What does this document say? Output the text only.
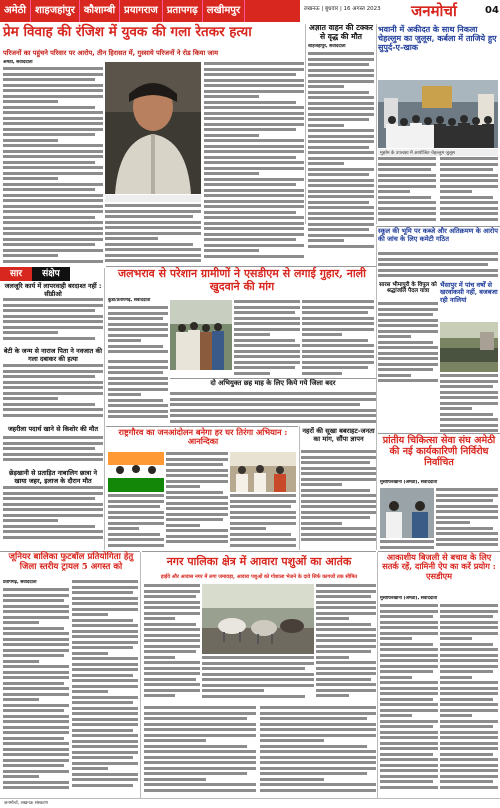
अमेठी शाहजहांपुर कौशाम्बी प्रयागराज प्रतापगढ़ लखीमपुर	लखनऊ | बुधवार | 16 अगस्त 2023 जनमोर्चा	04
प्रेम विवाह की रंजिश में युवक की गला रेतकर हत्या
परिजनों का पहुंचने परिवार पर आरोप, तीन हिरासत में, गुस्साये परिजनों ने रोड किया जाम
अमेठी, संवाददाता
अज्ञात वाहन की टक्कर से वृद्ध की मौत
शाहजहांपुर, संवाददाता
भवानी में अकीदत के साथ निकला चेहल्लुम का जुलूस, कर्बला में ताजिये हुए सुपुर्द-ए-खाक
मुहर्रम के उपलक्ष्य में आयोजित चेहल्लुम जुलूस
स्कूल की भूमि पर कब्जे और अतिक्रमण के आरोप की जांच के लिए कमेटी गठित
सार	संक्षेप
जलजूरि कार्य में लापरवाही बरदाश्त नहीं : सीडीओ
बेटी के जन्म से नाराज पिता ने नवजात की गला दबाकर की हत्या
जहरीला पदार्थ खाने से किशोर की मौत
छेड़खानी से प्रताड़ित नाबालिग छात्रा ने खाया जहर, इलाज के दौरान मौत
जलभराव से परेशान ग्रामीणों ने एसडीएम से लगाई गुहार, नाली खुदवाने की मांग
कुंडा/प्रतापगढ़, संवाददाता
दो अभियुक्त छह माह के लिए किये गये जिला बदर
राष्ट्रगौरव का जनआंदोलन बनेगा हर घर तिरंगा अभियान : आनन्दिका
नहरों की सूखा बबराहट-जनता का मांग, सौंपा ज्ञापन
सारस भीमापुरी के विपुल को श्रद्धांजलि पैदल यात्रा
भैंसापुर में पांच वर्षों से खरवांकसी नहीं, बजबजा रही नालियां
प्रांतीय चिकित्सा सेवा संघ अमेठी की नई कार्यकारिणी निर्विरोध निर्वाचित
मुसाफिरखाना (अमेठी), संवाददाता
जूनियर बालिका फुटबॉल प्रतियोगिता हेतु जिला स्तरीय ट्रायल 5 अगस्त को
प्रतापगढ़, संवाददाता
नगर पालिका क्षेत्र में आवारा पशुओं का आतंक
हाईवे और आवास नगर में लगा जमावड़ा, आवारा पशुओं को गोशाला भेजने के दावे सिर्फ कागजों तक सीमित
आकाशीय बिजली से बचाव के लिए सतर्क रहें, दामिनी ऐप का करें प्रयोग : एसडीएम
मुसाफिरखाना (अमेठी), संवाददाता
जनमोर्चा, लखनऊ संस्करण
